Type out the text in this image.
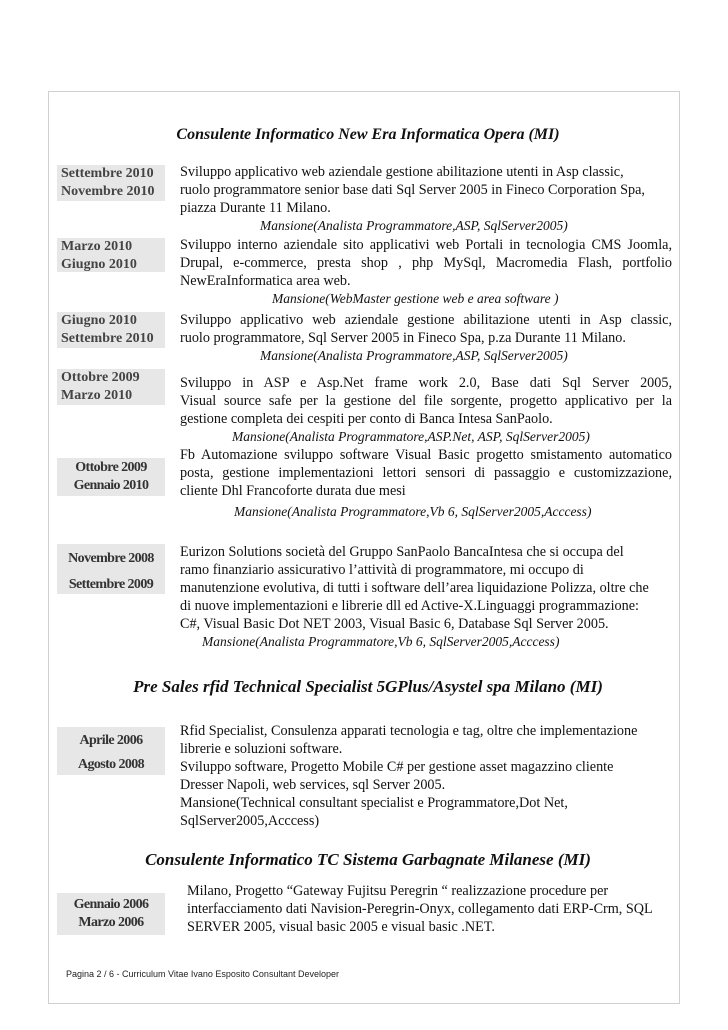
Consulente Informatico New Era Informatica Opera (MI)
Settembre 2010
Novembre 2010
Sviluppo applicativo web aziendale gestione abilitazione utenti in Asp classic,
ruolo programmatore senior base dati Sql Server 2005 in Fineco Corporation Spa,
piazza Durante 11 Milano.
Mansione(Analista Programmatore,ASP, SqlServer2005)
Marzo 2010
Giugno 2010
Sviluppo interno aziendale sito applicativi web Portali in tecnologia CMS Joomla,
Drupal, e-commerce, presta shop , php MySql, Macromedia Flash, portfolio
NewEraInformatica area web.
Mansione(WebMaster gestione web e area software )
Giugno 2010
Settembre 2010
Sviluppo applicativo web aziendale gestione abilitazione utenti in Asp classic,
ruolo programmatore, Sql Server 2005 in Fineco Spa, p.za Durante 11 Milano.
Mansione(Analista Programmatore,ASP, SqlServer2005)
Ottobre 2009
Marzo 2010
Sviluppo in ASP e Asp.Net frame work 2.0, Base dati Sql Server 2005,
Visual source safe per la gestione del file sorgente, progetto applicativo per la
gestione completa dei cespiti per conto di Banca Intesa SanPaolo.
Mansione(Analista Programmatore,ASP.Net, ASP, SqlServer2005)
Ottobre 2009
Gennaio 2010
Fb Automazione sviluppo software Visual Basic progetto smistamento automatico
posta, gestione implementazioni lettori sensori di passaggio e customizzazione,
cliente Dhl Francoforte durata due mesi
Mansione(Analista Programmatore,Vb 6, SqlServer2005,Acccess)
Novembre 2008
Settembre 2009
Eurizon Solutions società del Gruppo SanPaolo BancaIntesa che si occupa del
ramo finanziario assicurativo l’attività di programmatore, mi occupo di
manutenzione evolutiva, di tutti i software dell’area liquidazione Polizza, oltre che
di nuove implementazioni e librerie dll ed Active-X.Linguaggi programmazione:
C#, Visual Basic Dot NET 2003, Visual Basic 6, Database Sql Server 2005.
Mansione(Analista Programmatore,Vb 6, SqlServer2005,Acccess)
Pre Sales rfid Technical Specialist 5GPlus/Asystel spa Milano (MI)
Aprile 2006
Agosto 2008
Rfid Specialist, Consulenza apparati tecnologia e tag, oltre che implementazione
librerie e soluzioni software.
Sviluppo software, Progetto Mobile C# per gestione asset magazzino cliente
Dresser Napoli, web services, sql Server 2005.
Mansione(Technical consultant specialist e Programmatore,Dot Net,
SqlServer2005,Acccess)
Consulente Informatico TC Sistema Garbagnate Milanese (MI)
Gennaio 2006
Marzo 2006
Milano, Progetto “Gateway Fujitsu Peregrin “ realizzazione procedure per
interfacciamento dati Navision-Peregrin-Onyx, collegamento dati ERP-Crm, SQL
SERVER 2005, visual basic 2005 e visual basic .NET.
Pagina 2 / 6 - Curriculum Vitae Ivano Esposito Consultant Developer
